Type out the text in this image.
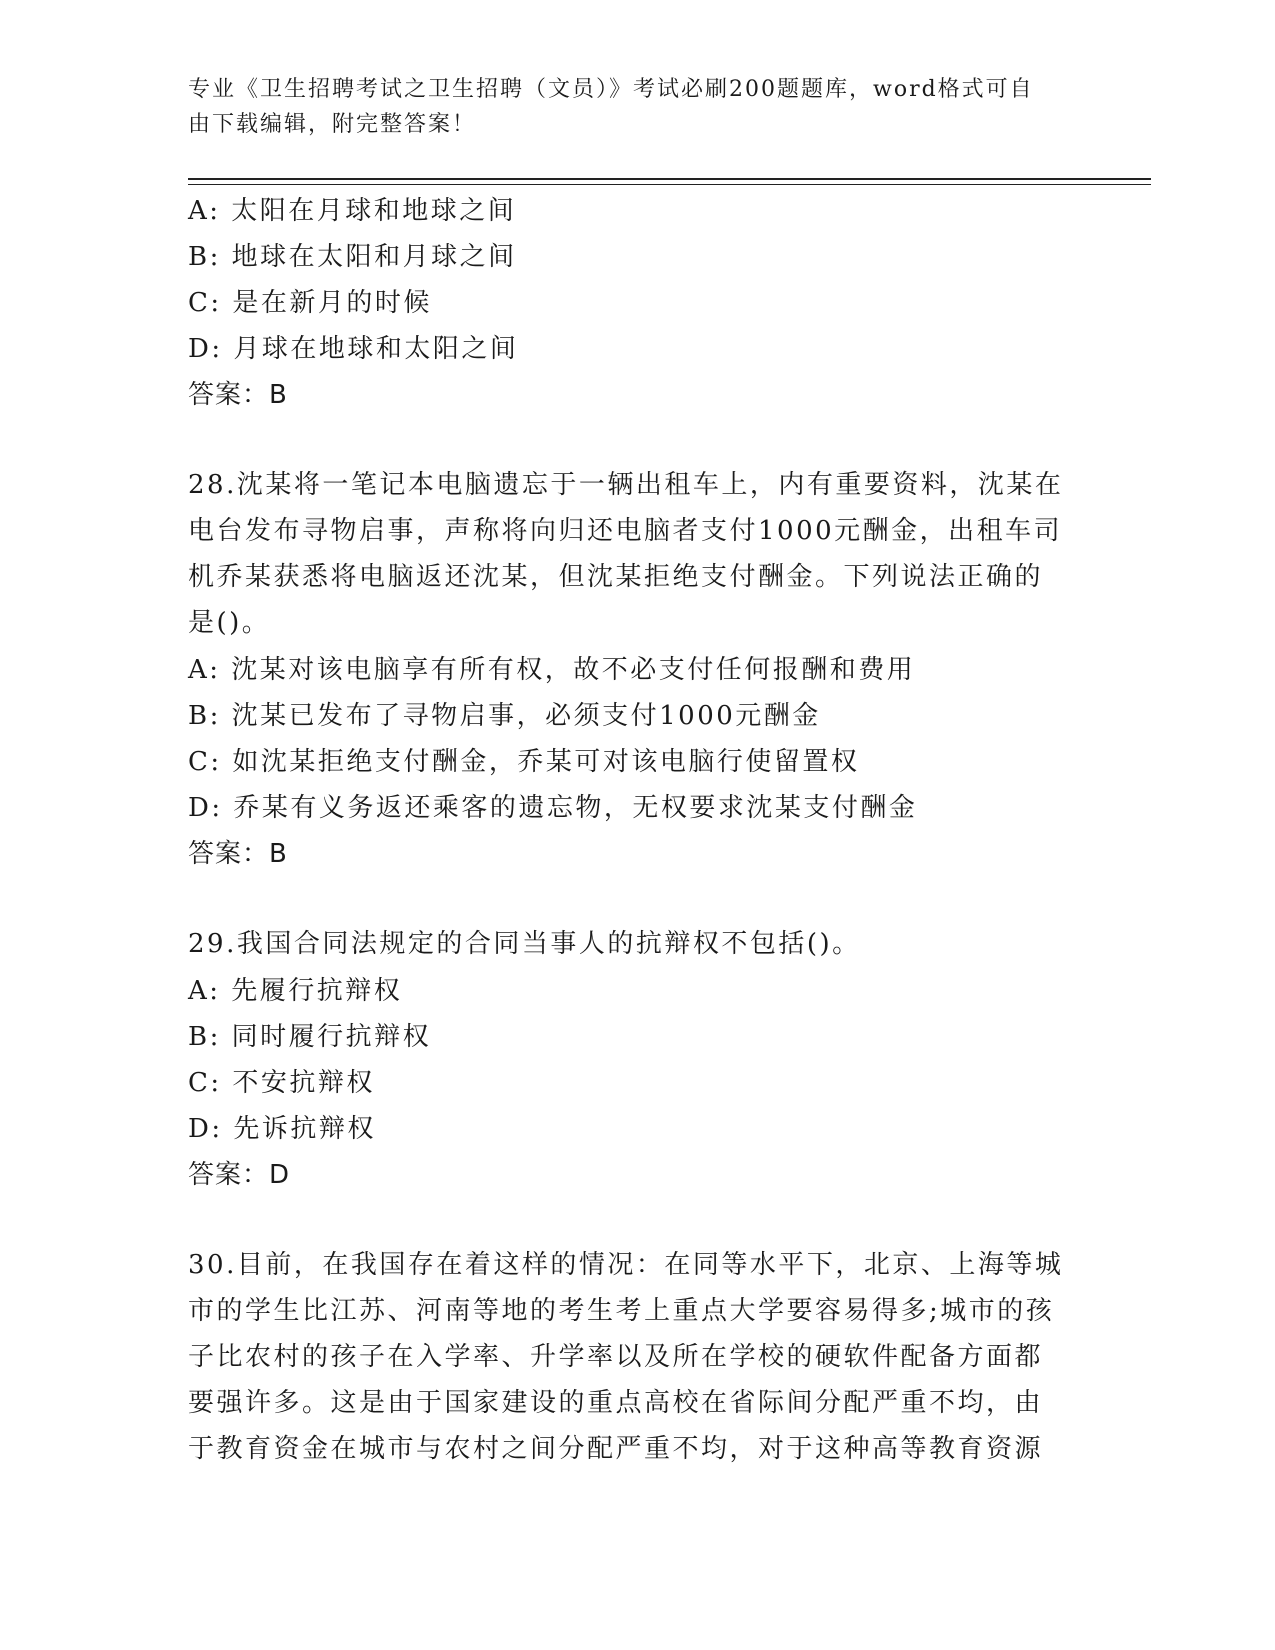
专业《卫生招聘考试之卫生招聘（文员）》考试必刷200题题库，word格式可自
由下载编辑，附完整答案！
A: 太阳在月球和地球之间
B: 地球在太阳和月球之间
C: 是在新月的时候
D: 月球在地球和太阳之间
答案：B
28.沈某将一笔记本电脑遗忘于一辆出租车上，内有重要资料，沈某在
电台发布寻物启事，声称将向归还电脑者支付1000元酬金，出租车司
机乔某获悉将电脑返还沈某，但沈某拒绝支付酬金。下列说法正确的
是()。
A: 沈某对该电脑享有所有权，故不必支付任何报酬和费用
B: 沈某已发布了寻物启事，必须支付1000元酬金
C: 如沈某拒绝支付酬金，乔某可对该电脑行使留置权
D: 乔某有义务返还乘客的遗忘物，无权要求沈某支付酬金
答案：B
29.我国合同法规定的合同当事人的抗辩权不包括()。
A: 先履行抗辩权
B: 同时履行抗辩权
C: 不安抗辩权
D: 先诉抗辩权
答案：D
30.目前，在我国存在着这样的情况：在同等水平下，北京、上海等城
市的学生比江苏、河南等地的考生考上重点大学要容易得多;城市的孩
子比农村的孩子在入学率、升学率以及所在学校的硬软件配备方面都
要强许多。这是由于国家建设的重点高校在省际间分配严重不均，由
于教育资金在城市与农村之间分配严重不均，对于这种高等教育资源
